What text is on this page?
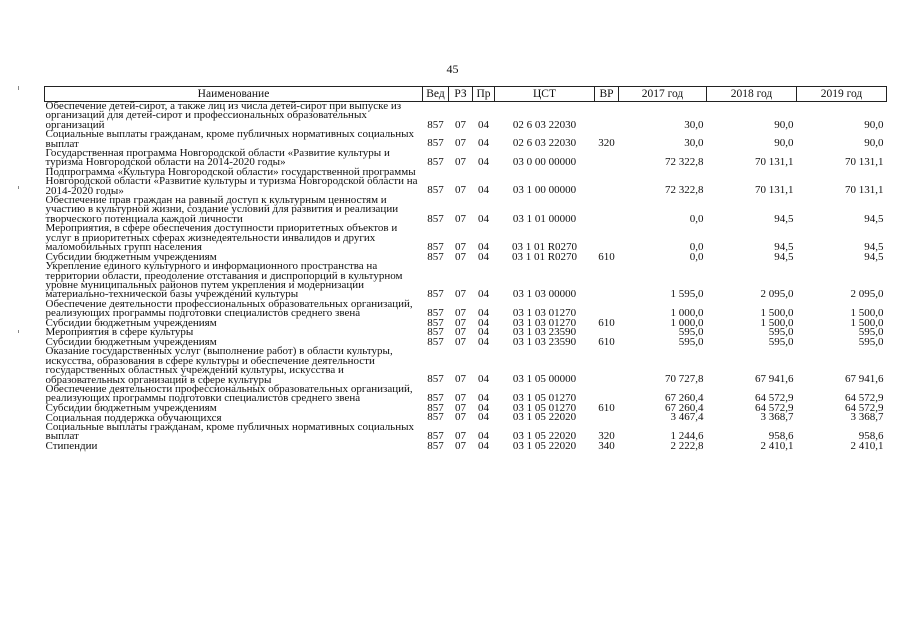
45
Наименование	Вед	РЗ	Пр	ЦСТ	ВР	2017 год	2018 год	2019 год
Обеспечение детей-сирот, а также лиц из числа детей-сирот при выпуске из организаций для детей-сирот и профессиональных образовательных организаций	857	07	04	02 6 03 22030		30,0	90,0	90,0
Социальные выплаты гражданам, кроме публичных нормативных социальных выплат	857	07	04	02 6 03 22030	320	30,0	90,0	90,0
Государственная программа Новгородской области «Развитие культуры и туризма Новгородской области на 2014-2020 годы»	857	07	04	03 0 00 00000		72 322,8	70 131,1	70 131,1
Подпрограмма «Культура Новгородской области» государственной программы Новгородской области «Развитие культуры и туризма Новгородской области на 2014-2020 годы»	857	07	04	03 1 00 00000		72 322,8	70 131,1	70 131,1
Обеспечение прав граждан на равный доступ к культурным ценностям и участию в культурной жизни, создание условий для развития и реализации творческого потенциала каждой личности	857	07	04	03 1 01 00000		0,0	94,5	94,5
Мероприятия, в сфере обеспечения доступности приоритетных объектов и услуг в приоритетных сферах жизнедеятельности инвалидов и других маломобильных групп населения	857	07	04	03 1 01 R0270		0,0	94,5	94,5
Субсидии бюджетным учреждениям	857	07	04	03 1 01 R0270	610	0,0	94,5	94,5
Укрепление единого культурного и информационного пространства на территории области, преодоление отставания и диспропорций в культурном уровне муниципальных районов путем укрепления и модернизации материально-технической базы учреждений культуры	857	07	04	03 1 03 00000		1 595,0	2 095,0	2 095,0
Обеспечение деятельности профессиональных образовательных организаций, реализующих программы подготовки специалистов среднего звена	857	07	04	03 1 03 01270		1 000,0	1 500,0	1 500,0
Субсидии бюджетным учреждениям	857	07	04	03 1 03 01270	610	1 000,0	1 500,0	1 500,0
Мероприятия в сфере культуры	857	07	04	03 1 03 23590		595,0	595,0	595,0
Субсидии бюджетным учреждениям	857	07	04	03 1 03 23590	610	595,0	595,0	595,0
Оказание государственных услуг (выполнение работ) в области культуры, искусства, образования в сфере культуры и обеспечение деятельности государственных областных учреждений культуры, искусства и образовательных организаций в сфере культуры	857	07	04	03 1 05 00000		70 727,8	67 941,6	67 941,6
Обеспечение деятельности профессиональных образовательных организаций, реализующих программы подготовки специалистов среднего звена	857	07	04	03 1 05 01270		67 260,4	64 572,9	64 572,9
Субсидии бюджетным учреждениям	857	07	04	03 1 05 01270	610	67 260,4	64 572,9	64 572,9
Социальная поддержка обучающихся	857	07	04	03 1 05 22020		3 467,4	3 368,7	3 368,7
Социальные выплаты гражданам, кроме публичных нормативных социальных выплат	857	07	04	03 1 05 22020	320	1 244,6	958,6	958,6
Стипендии	857	07	04	03 1 05 22020	340	2 222,8	2 410,1	2 410,1
